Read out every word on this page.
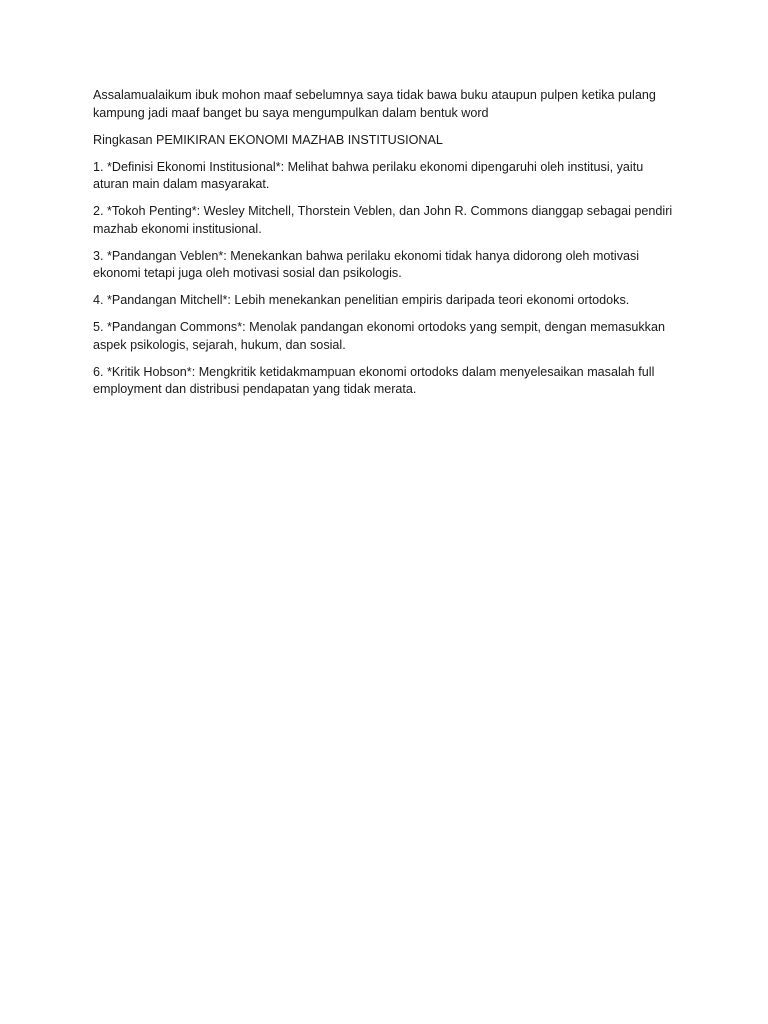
Assalamualaikum ibuk mohon maaf sebelumnya saya tidak bawa buku ataupun pulpen ketika pulang kampung jadi maaf banget bu saya mengumpulkan dalam bentuk word

Ringkasan PEMIKIRAN EKONOMI MAZHAB INSTITUSIONAL

1. *Definisi Ekonomi Institusional*: Melihat bahwa perilaku ekonomi dipengaruhi oleh institusi, yaitu aturan main dalam masyarakat.

2. *Tokoh Penting*: Wesley Mitchell, Thorstein Veblen, dan John R. Commons dianggap sebagai pendiri mazhab ekonomi institusional.

3. *Pandangan Veblen*: Menekankan bahwa perilaku ekonomi tidak hanya didorong oleh motivasi ekonomi tetapi juga oleh motivasi sosial dan psikologis.

4. *Pandangan Mitchell*: Lebih menekankan penelitian empiris daripada teori ekonomi ortodoks.

5. *Pandangan Commons*: Menolak pandangan ekonomi ortodoks yang sempit, dengan memasukkan aspek psikologis, sejarah, hukum, dan sosial.

6. *Kritik Hobson*: Mengkritik ketidakmampuan ekonomi ortodoks dalam menyelesaikan masalah full employment dan distribusi pendapatan yang tidak merata.
